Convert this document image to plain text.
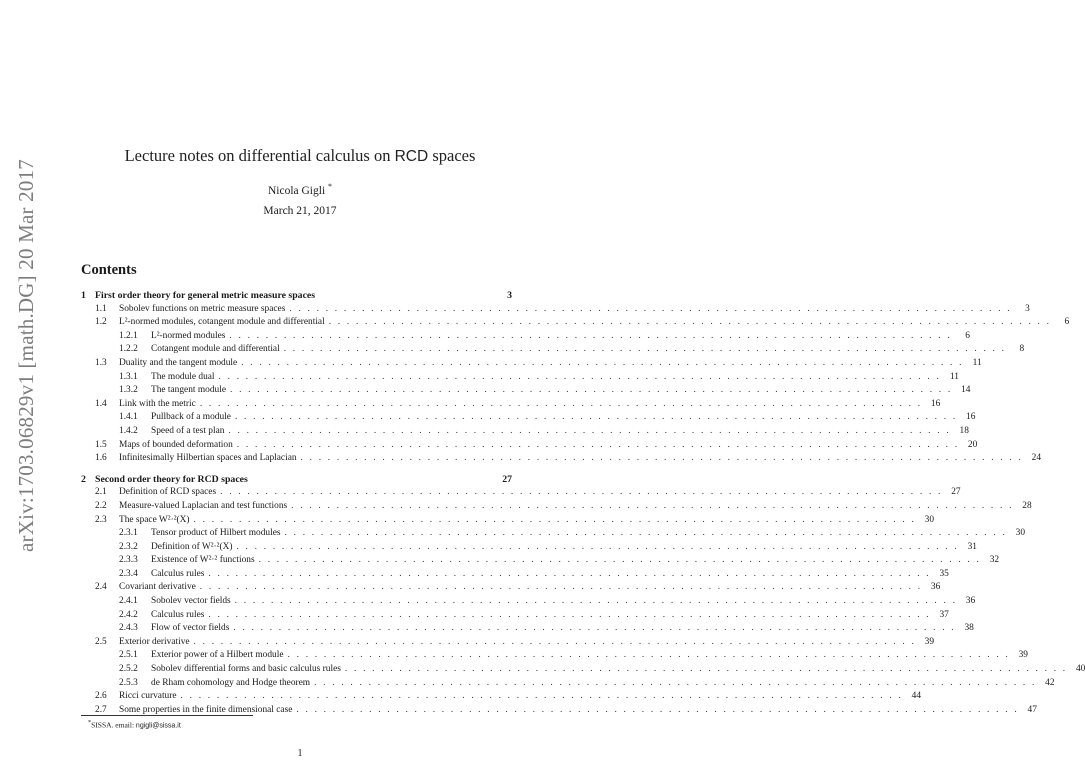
arXiv:1703.06829v1 [math.DG] 20 Mar 2017
Lecture notes on differential calculus on RCD spaces
Nicola Gigli *
March 21, 2017
Contents
1 First order theory for general metric measure spaces	3
1.1	Sobolev functions on metric measure spaces . . . . . . . . . . . . . . . . . . . . . . . . . . . . . . . . . . . . . . . . . . . . . . . . . . . . . . . . . . . . . . . . . . . . . . . . . . . . . . . .	3
1.2	L²-normed modules, cotangent module and differential . . . . . . . . . . . . . . . . . . . . . . . . . . . . . . . . . . . . . . . . . . . . . . . . . . . . . . . . . . . . . . . . . . . . . . . . . . . . . . . .	6
1.2.1	L²-normed modules . . . . . . . . . . . . . . . . . . . . . . . . . . . . . . . . . . . . . . . . . . . . . . . . . . . . . . . . . . . . . . . . . . . . . . . . . . . . . . . .	6
1.2.2	Cotangent module and differential . . . . . . . . . . . . . . . . . . . . . . . . . . . . . . . . . . . . . . . . . . . . . . . . . . . . . . . . . . . . . . . . . . . . . . . . . . . . . . . .	8
1.3	Duality and the tangent module . . . . . . . . . . . . . . . . . . . . . . . . . . . . . . . . . . . . . . . . . . . . . . . . . . . . . . . . . . . . . . . . . . . . . . . . . . . . . . . . 11
1.3.1	The module dual . . . . . . . . . . . . . . . . . . . . . . . . . . . . . . . . . . . . . . . . . . . . . . . . . . . . . . . . . . . . . . . . . . . . . . . . . . . . . . . . 11
1.3.2	The tangent module . . . . . . . . . . . . . . . . . . . . . . . . . . . . . . . . . . . . . . . . . . . . . . . . . . . . . . . . . . . . . . . . . . . . . . . . . . . . . . . . 14
1.4	Link with the metric . . . . . . . . . . . . . . . . . . . . . . . . . . . . . . . . . . . . . . . . . . . . . . . . . . . . . . . . . . . . . . . . . . . . . . . . . . . . . . . . 16
1.4.1	Pullback of a module . . . . . . . . . . . . . . . . . . . . . . . . . . . . . . . . . . . . . . . . . . . . . . . . . . . . . . . . . . . . . . . . . . . . . . . . . . . . . . . . 16
1.4.2	Speed of a test plan . . . . . . . . . . . . . . . . . . . . . . . . . . . . . . . . . . . . . . . . . . . . . . . . . . . . . . . . . . . . . . . . . . . . . . . . . . . . . . . . 18
1.5	Maps of bounded deformation . . . . . . . . . . . . . . . . . . . . . . . . . . . . . . . . . . . . . . . . . . . . . . . . . . . . . . . . . . . . . . . . . . . . . . . . . . . . . . . . 20
1.6	Infinitesimally Hilbertian spaces and Laplacian . . . . . . . . . . . . . . . . . . . . . . . . . . . . . . . . . . . . . . . . . . . . . . . . . . . . . . . . . . . . . . . . . . . . . . . . . . . . . . . . 24
2 Second order theory for RCD spaces	27
2.1	Definition of RCD spaces . . . . . . . . . . . . . . . . . . . . . . . . . . . . . . . . . . . . . . . . . . . . . . . . . . . . . . . . . . . . . . . . . . . . . . . . . . . . . . . . 27
2.2	Measure-valued Laplacian and test functions . . . . . . . . . . . . . . . . . . . . . . . . . . . . . . . . . . . . . . . . . . . . . . . . . . . . . . . . . . . . . . . . . . . . . . . . . . . . . . . . 28
2.3	The space W²·²(X) . . . . . . . . . . . . . . . . . . . . . . . . . . . . . . . . . . . . . . . . . . . . . . . . . . . . . . . . . . . . . . . . . . . . . . . . . . . . . . . . 30
2.3.1	Tensor product of Hilbert modules . . . . . . . . . . . . . . . . . . . . . . . . . . . . . . . . . . . . . . . . . . . . . . . . . . . . . . . . . . . . . . . . . . . . . . . . . . . . . . . . 30
2.3.2	Definition of W²·²(X) . . . . . . . . . . . . . . . . . . . . . . . . . . . . . . . . . . . . . . . . . . . . . . . . . . . . . . . . . . . . . . . . . . . . . . . . . . . . . . . . 31
2.3.3	Existence of W²·² functions . . . . . . . . . . . . . . . . . . . . . . . . . . . . . . . . . . . . . . . . . . . . . . . . . . . . . . . . . . . . . . . . . . . . . . . . . . . . . . . . 32
2.3.4	Calculus rules . . . . . . . . . . . . . . . . . . . . . . . . . . . . . . . . . . . . . . . . . . . . . . . . . . . . . . . . . . . . . . . . . . . . . . . . . . . . . . . . 35
2.4	Covariant derivative . . . . . . . . . . . . . . . . . . . . . . . . . . . . . . . . . . . . . . . . . . . . . . . . . . . . . . . . . . . . . . . . . . . . . . . . . . . . . . . . 36
2.4.1	Sobolev vector fields . . . . . . . . . . . . . . . . . . . . . . . . . . . . . . . . . . . . . . . . . . . . . . . . . . . . . . . . . . . . . . . . . . . . . . . . . . . . . . . . 36
2.4.2	Calculus rules . . . . . . . . . . . . . . . . . . . . . . . . . . . . . . . . . . . . . . . . . . . . . . . . . . . . . . . . . . . . . . . . . . . . . . . . . . . . . . . . 37
2.4.3	Flow of vector fields . . . . . . . . . . . . . . . . . . . . . . . . . . . . . . . . . . . . . . . . . . . . . . . . . . . . . . . . . . . . . . . . . . . . . . . . . . . . . . . . 38
2.5	Exterior derivative . . . . . . . . . . . . . . . . . . . . . . . . . . . . . . . . . . . . . . . . . . . . . . . . . . . . . . . . . . . . . . . . . . . . . . . . . . . . . . . . 39
2.5.1	Exterior power of a Hilbert module . . . . . . . . . . . . . . . . . . . . . . . . . . . . . . . . . . . . . . . . . . . . . . . . . . . . . . . . . . . . . . . . . . . . . . . . . . . . . . . . 39
2.5.2	Sobolev differential forms and basic calculus rules . . . . . . . . . . . . . . . . . . . . . . . . . . . . . . . . . . . . . . . . . . . . . . . . . . . . . . . . . . . . . . . . . . . . . . . . . . . . . . . . 40
2.5.3	de Rham cohomology and Hodge theorem . . . . . . . . . . . . . . . . . . . . . . . . . . . . . . . . . . . . . . . . . . . . . . . . . . . . . . . . . . . . . . . . . . . . . . . . . . . . . . . . 42
2.6	Ricci curvature . . . . . . . . . . . . . . . . . . . . . . . . . . . . . . . . . . . . . . . . . . . . . . . . . . . . . . . . . . . . . . . . . . . . . . . . . . . . . . . . 44
2.7	Some properties in the finite dimensional case . . . . . . . . . . . . . . . . . . . . . . . . . . . . . . . . . . . . . . . . . . . . . . . . . . . . . . . . . . . . . . . . . . . . . . . . . . . . . . . . 47
*SISSA. email: ngigli@sissa.it
1
